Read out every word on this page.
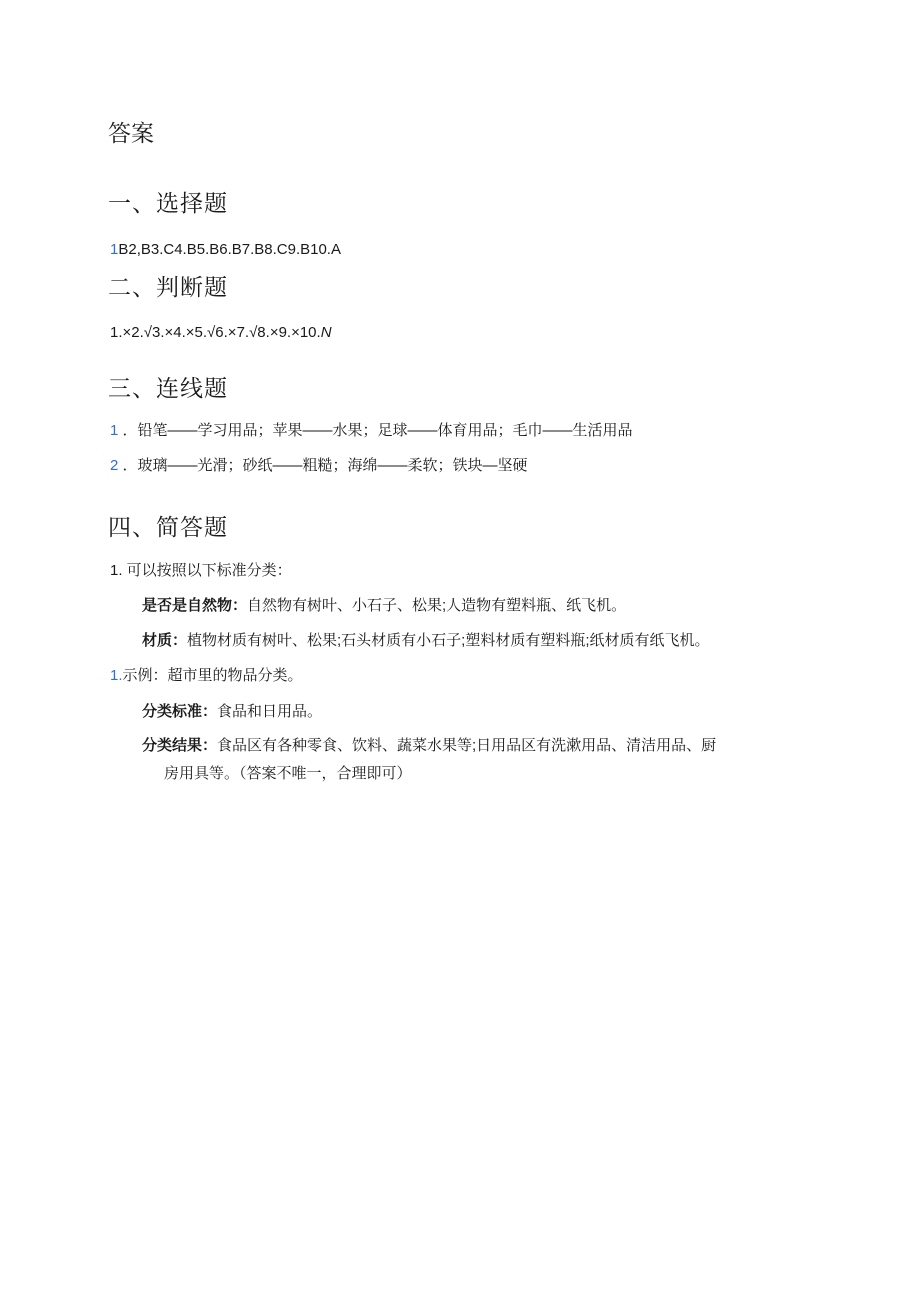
答案
一、选择题
1B2,B3.C4.B5.B6.B7.B8.C9.B10.A
二、判断题
1.×2.√3.×4.×5.√6.×7.√8.×9.×10.N
三、连线题
1 ．铅笔——学习用品；苹果——水果；足球——体育用品；毛巾——生活用品
2 ．玻璃——光滑；砂纸——粗糙；海绵——柔软；铁块—坚硬
四、简答题
1. 可以按照以下标准分类：
是否是自然物：自然物有树叶、小石子、松果;人造物有塑料瓶、纸飞机。
材质：植物材质有树叶、松果;石头材质有小石子;塑料材质有塑料瓶;纸材质有纸飞机。
1.示例：超市里的物品分类。
分类标准：食品和日用品。
分类结果：食品区有各种零食、饮料、蔬菜水果等;日用品区有洗漱用品、清洁用品、厨
房用具等。（答案不唯一，合理即可）
